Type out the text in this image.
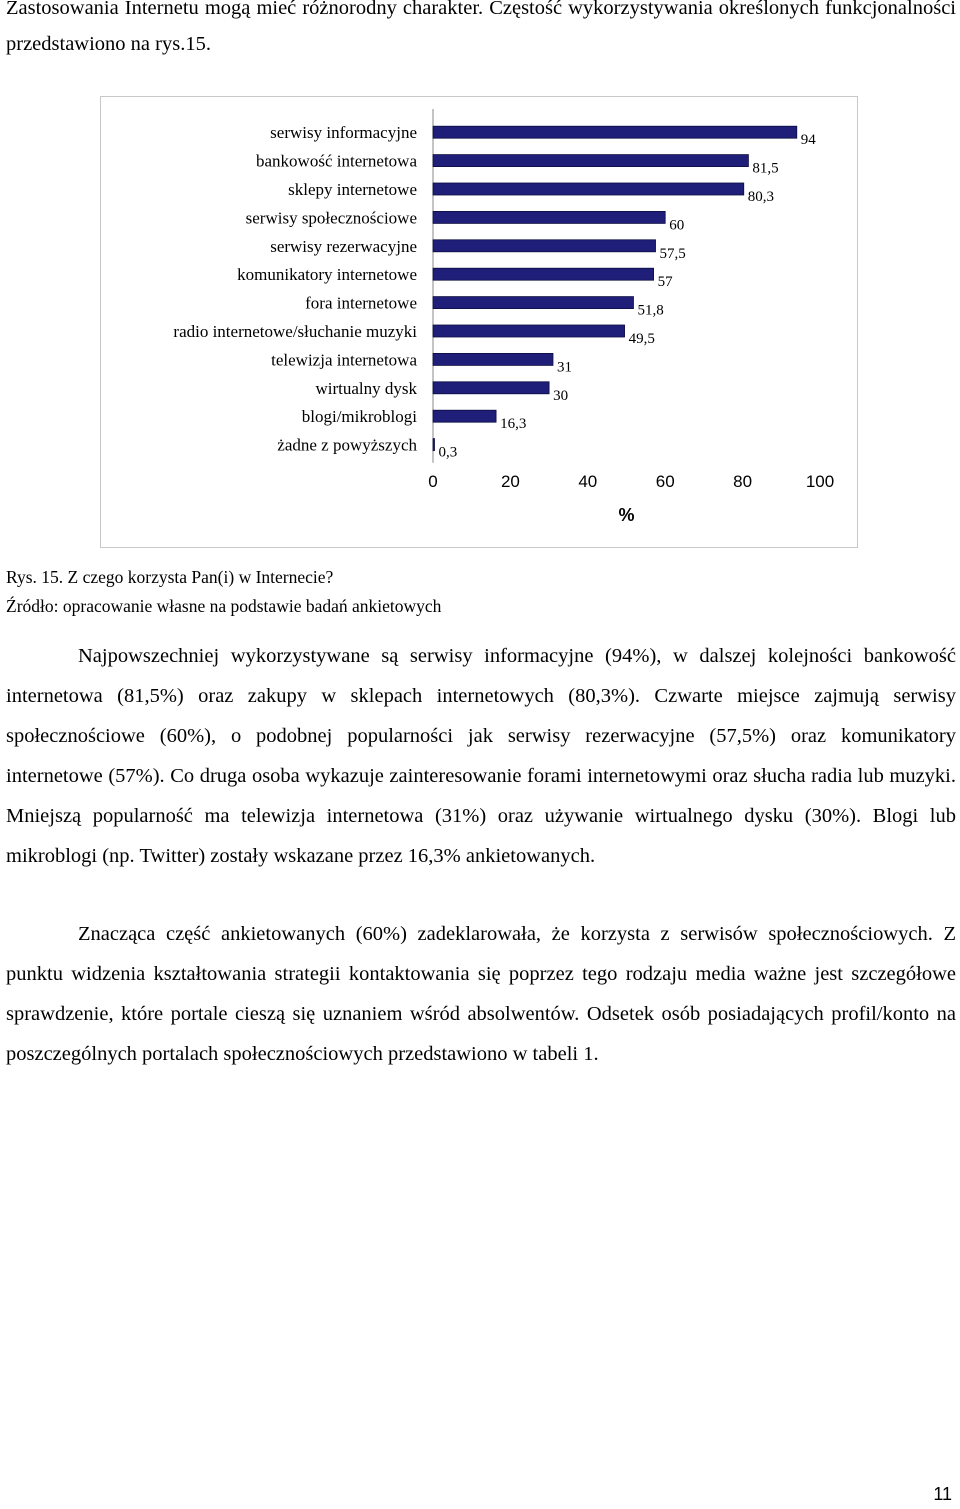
Zastosowania Internetu mogą mieć różnorodny charakter. Częstość wykorzystywania określonych funkcjonalności przedstawiono na rys.15.
serwisy informacyjne	94
bankowość internetowa	81,5
sklepy internetowe	80,3
serwisy społecznościowe	60
serwisy rezerwacyjne	57,5
komunikatory internetowe	57
fora internetowe	51,8
radio internetowe/słuchanie muzyki	49,5
telewizja internetowa	31
wirtualny dysk	30
blogi/mikroblogi	16,3
żadne z powyższych 0,3
0	20	40	60	80	100
%
Rys. 15. Z czego korzysta Pan(i) w Internecie?
Źródło: opracowanie własne na podstawie badań ankietowych
Najpowszechniej wykorzystywane są serwisy informacyjne (94%), w dalszej kolejności bankowość internetowa (81,5%) oraz zakupy w sklepach internetowych (80,3%). Czwarte miejsce zajmują serwisy społecznościowe (60%), o podobnej popularności jak serwisy rezerwacyjne (57,5%) oraz komunikatory internetowe (57%). Co druga osoba wykazuje zainteresowanie forami internetowymi oraz słucha radia lub muzyki. Mniejszą popularność ma telewizja internetowa (31%) oraz używanie wirtualnego dysku (30%). Blogi lub mikroblogi (np. Twitter) zostały wskazane przez 16,3% ankietowanych.
Znacząca część ankietowanych (60%) zadeklarowała, że korzysta z serwisów społecznościowych. Z punktu widzenia kształtowania strategii kontaktowania się poprzez tego rodzaju media ważne jest szczegółowe sprawdzenie, które portale cieszą się uznaniem wśród absolwentów. Odsetek osób posiadających profil/konto na poszczególnych portalach społecznościowych przedstawiono w tabeli 1.
11
